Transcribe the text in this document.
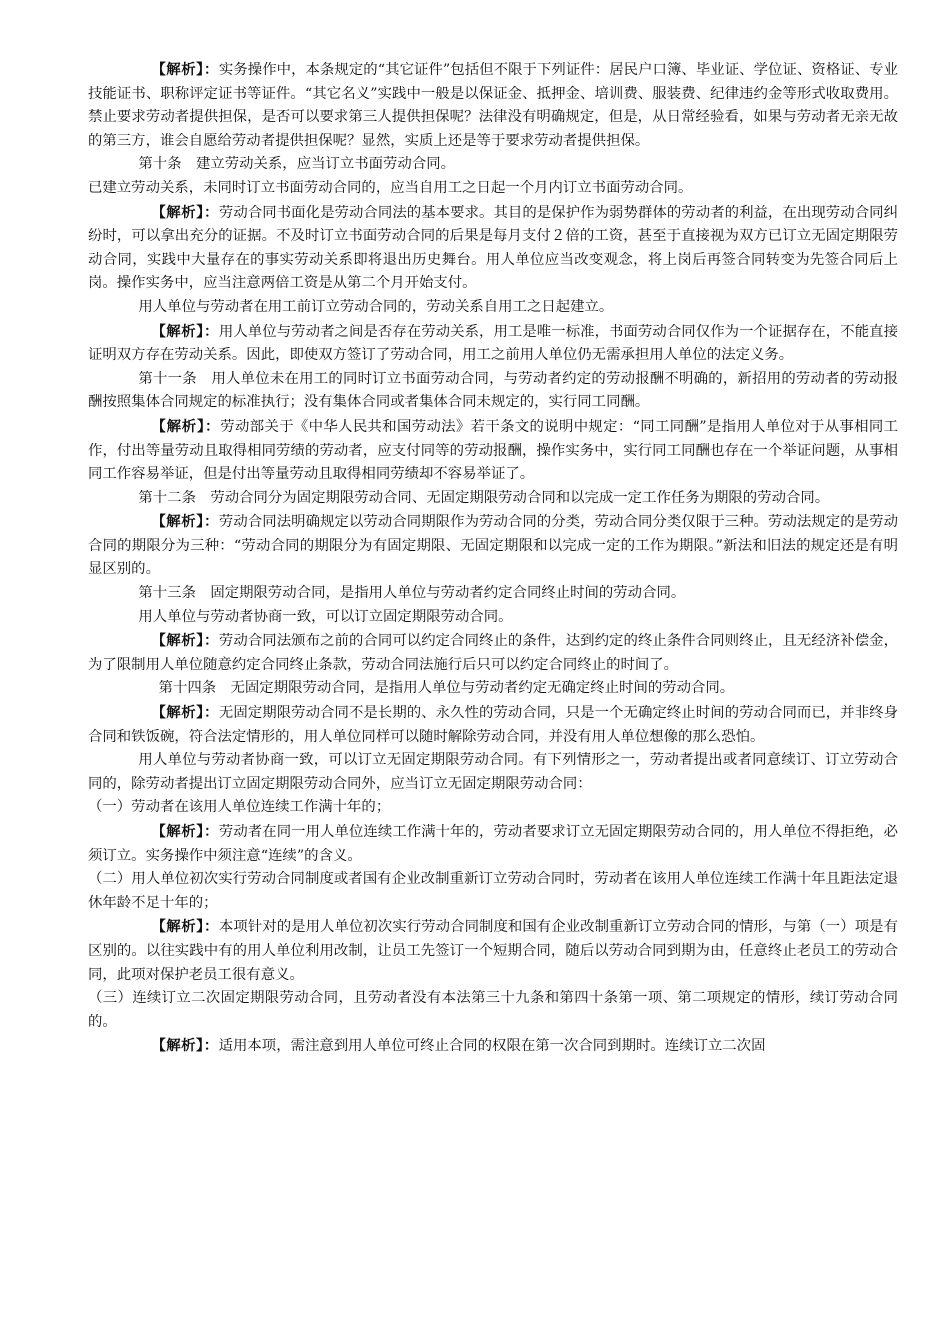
【解析】：实务操作中，本条规定的“其它证件”包括但不限于下列证件：居民户口簿、毕业证、学位证、资格证、专业技能证书、职称评定证书等证件。“其它名义”实践中一般是以保证金、抵押金、培训费、服装费、纪律违约金等形式收取费用。禁止要求劳动者提供担保，是否可以要求第三人提供担保呢？法律没有明确规定，但是，从日常经验看，如果与劳动者无亲无故的第三方，谁会自愿给劳动者提供担保呢？显然，实质上还是等于要求劳动者提供担保。

第十条　建立劳动关系，应当订立书面劳动合同。

已建立劳动关系，未同时订立书面劳动合同的，应当自用工之日起一个月内订立书面劳动合同。

【解析】：劳动合同书面化是劳动合同法的基本要求。其目的是保护作为弱势群体的劳动者的利益，在出现劳动合同纠纷时，可以拿出充分的证据。不及时订立书面劳动合同的后果是每月支付２倍的工资，甚至于直接视为双方已订立无固定期限劳动合同，实践中大量存在的事实劳动关系即将退出历史舞台。用人单位应当改变观念，将上岗后再签合同转变为先签合同后上岗。操作实务中，应当注意两倍工资是从第二个月开始支付。

用人单位与劳动者在用工前订立劳动合同的，劳动关系自用工之日起建立。

【解析】：用人单位与劳动者之间是否存在劳动关系，用工是唯一标准，书面劳动合同仅作为一个证据存在，不能直接证明双方存在劳动关系。因此，即使双方签订了劳动合同，用工之前用人单位仍无需承担用人单位的法定义务。

第十一条　用人单位未在用工的同时订立书面劳动合同，与劳动者约定的劳动报酬不明确的，新招用的劳动者的劳动报酬按照集体合同规定的标准执行；没有集体合同或者集体合同未规定的，实行同工同酬。

【解析】：劳动部关于《中华人民共和国劳动法》若干条文的说明中规定：“同工同酬”是指用人单位对于从事相同工作，付出等量劳动且取得相同劳绩的劳动者，应支付同等的劳动报酬，操作实务中，实行同工同酬也存在一个举证问题，从事相同工作容易举证，但是付出等量劳动且取得相同劳绩却不容易举证了。

第十二条　劳动合同分为固定期限劳动合同、无固定期限劳动合同和以完成一定工作任务为期限的劳动合同。

【解析】：劳动合同法明确规定以劳动合同期限作为劳动合同的分类，劳动合同分类仅限于三种。劳动法规定的是劳动合同的期限分为三种：“劳动合同的期限分为有固定期限、无固定期限和以完成一定的工作为期限。”新法和旧法的规定还是有明显区别的。

第十三条　固定期限劳动合同，是指用人单位与劳动者约定合同终止时间的劳动合同。

用人单位与劳动者协商一致，可以订立固定期限劳动合同。

【解析】：劳动合同法颁布之前的合同可以约定合同终止的条件，达到约定的终止条件合同则终止，且无经济补偿金，为了限制用人单位随意约定合同终止条款，劳动合同法施行后只可以约定合同终止的时间了。

第十四条　无固定期限劳动合同，是指用人单位与劳动者约定无确定终止时间的劳动合同。

【解析】：无固定期限劳动合同不是长期的、永久性的劳动合同，只是一个无确定终止时间的劳动合同而已，并非终身合同和铁饭碗，符合法定情形的，用人单位同样可以随时解除劳动合同，并没有用人单位想像的那么恐怕。

用人单位与劳动者协商一致，可以订立无固定期限劳动合同。有下列情形之一，劳动者提出或者同意续订、订立劳动合同的，除劳动者提出订立固定期限劳动合同外，应当订立无固定期限劳动合同：

（一）劳动者在该用人单位连续工作满十年的；

【解析】：劳动者在同一用人单位连续工作满十年的，劳动者要求订立无固定期限劳动合同的，用人单位不得拒绝，必须订立。实务操作中须注意“连续”的含义。

（二）用人单位初次实行劳动合同制度或者国有企业改制重新订立劳动合同时，劳动者在该用人单位连续工作满十年且距法定退休年龄不足十年的；

【解析】：本项针对的是用人单位初次实行劳动合同制度和国有企业改制重新订立劳动合同的情形，与第（一）项是有区别的。以往实践中有的用人单位利用改制，让员工先签订一个短期合同，随后以劳动合同到期为由，任意终止老员工的劳动合同，此项对保护老员工很有意义。

（三）连续订立二次固定期限劳动合同，且劳动者没有本法第三十九条和第四十条第一项、第二项规定的情形，续订劳动合同的。

【解析】：适用本项，需注意到用人单位可终止合同的权限在第一次合同到期时。连续订立二次固
